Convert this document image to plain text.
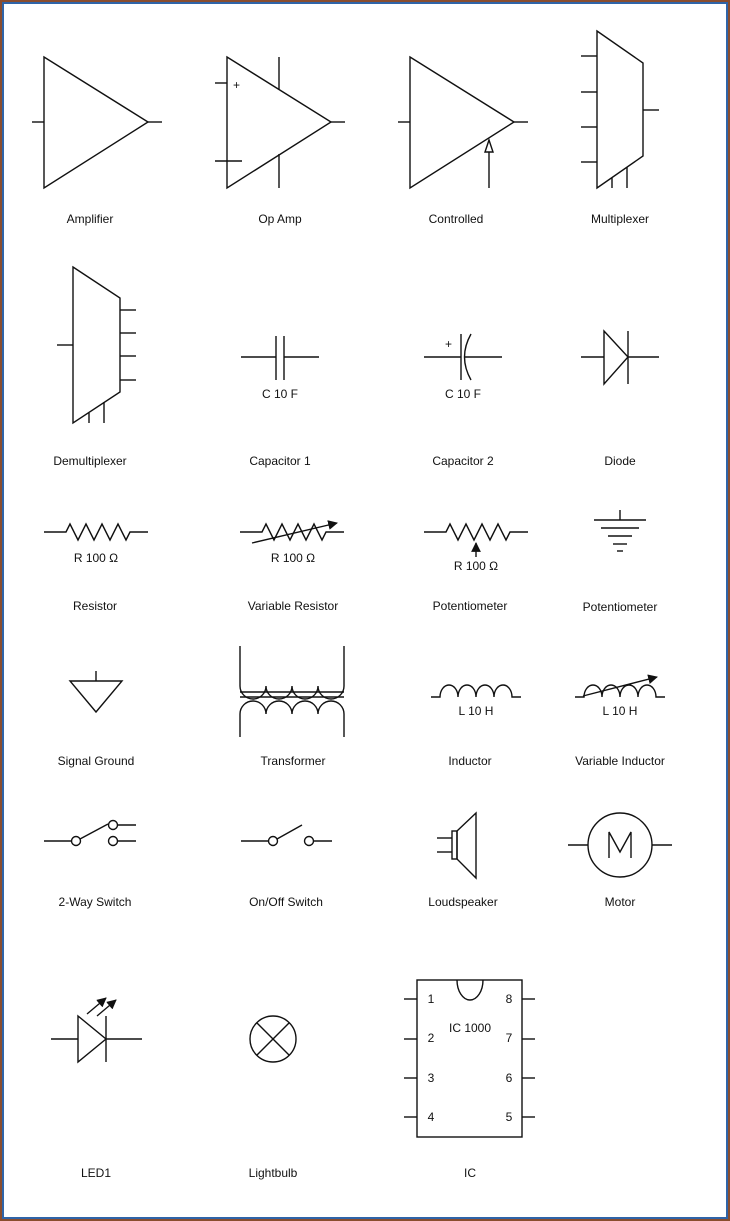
Amplifier
+
Op Amp	Controlled	Multiplexer
Demultiplexer
C 10 F
Capacitor 1
+
C 10 F
Capacitor 2	Diode
R 100 Ω
Resistor
R 100 Ω
Variable Resistor
R 100 Ω
Potentiometer	Potentiometer
Signal Ground	Transformer
L 10 H
Inductor
L 10 H
Variable Inductor
2-Way Switch	On/Off Switch	Loudspeaker	Motor
LED1	Lightbulb
1
2
3
4
8
7
6
5
IC 1000
IC
